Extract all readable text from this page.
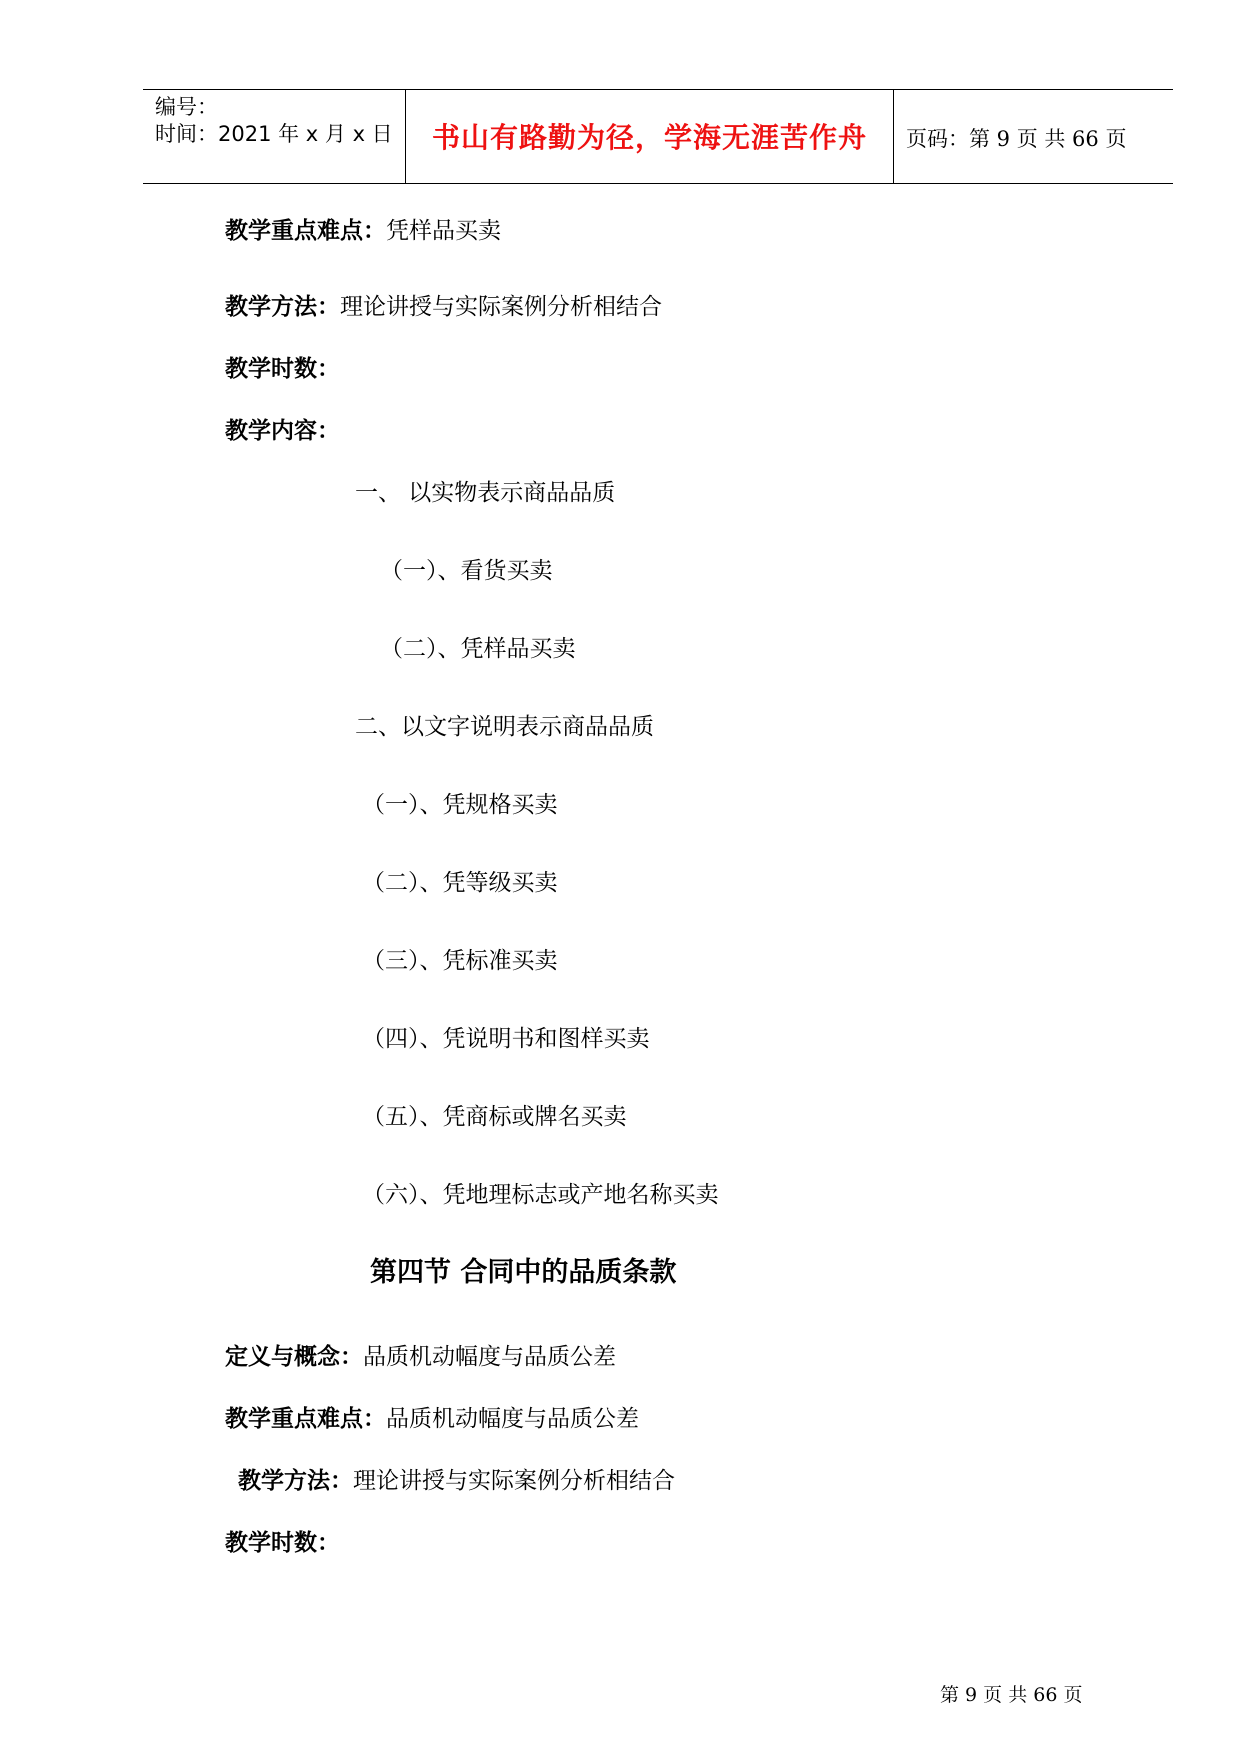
编号：
时间：2021 年 x 月 x 日	书山有路勤为径，学海无涯苦作舟	页码：第 9 页 共 66 页
教学重点难点：凭样品买卖
教学方法：理论讲授与实际案例分析相结合
教学时数：
教学内容：
一、 以实物表示商品品质
（一）、看货买卖
（二）、凭样品买卖
二、以文字说明表示商品品质
（一）、凭规格买卖
（二）、凭等级买卖
（三）、凭标准买卖
（四）、凭说明书和图样买卖
（五）、凭商标或牌名买卖
（六）、凭地理标志或产地名称买卖
第四节 合同中的品质条款
定义与概念：品质机动幅度与品质公差
教学重点难点：品质机动幅度与品质公差
教学方法：理论讲授与实际案例分析相结合
教学时数：
第 9 页 共 66 页
